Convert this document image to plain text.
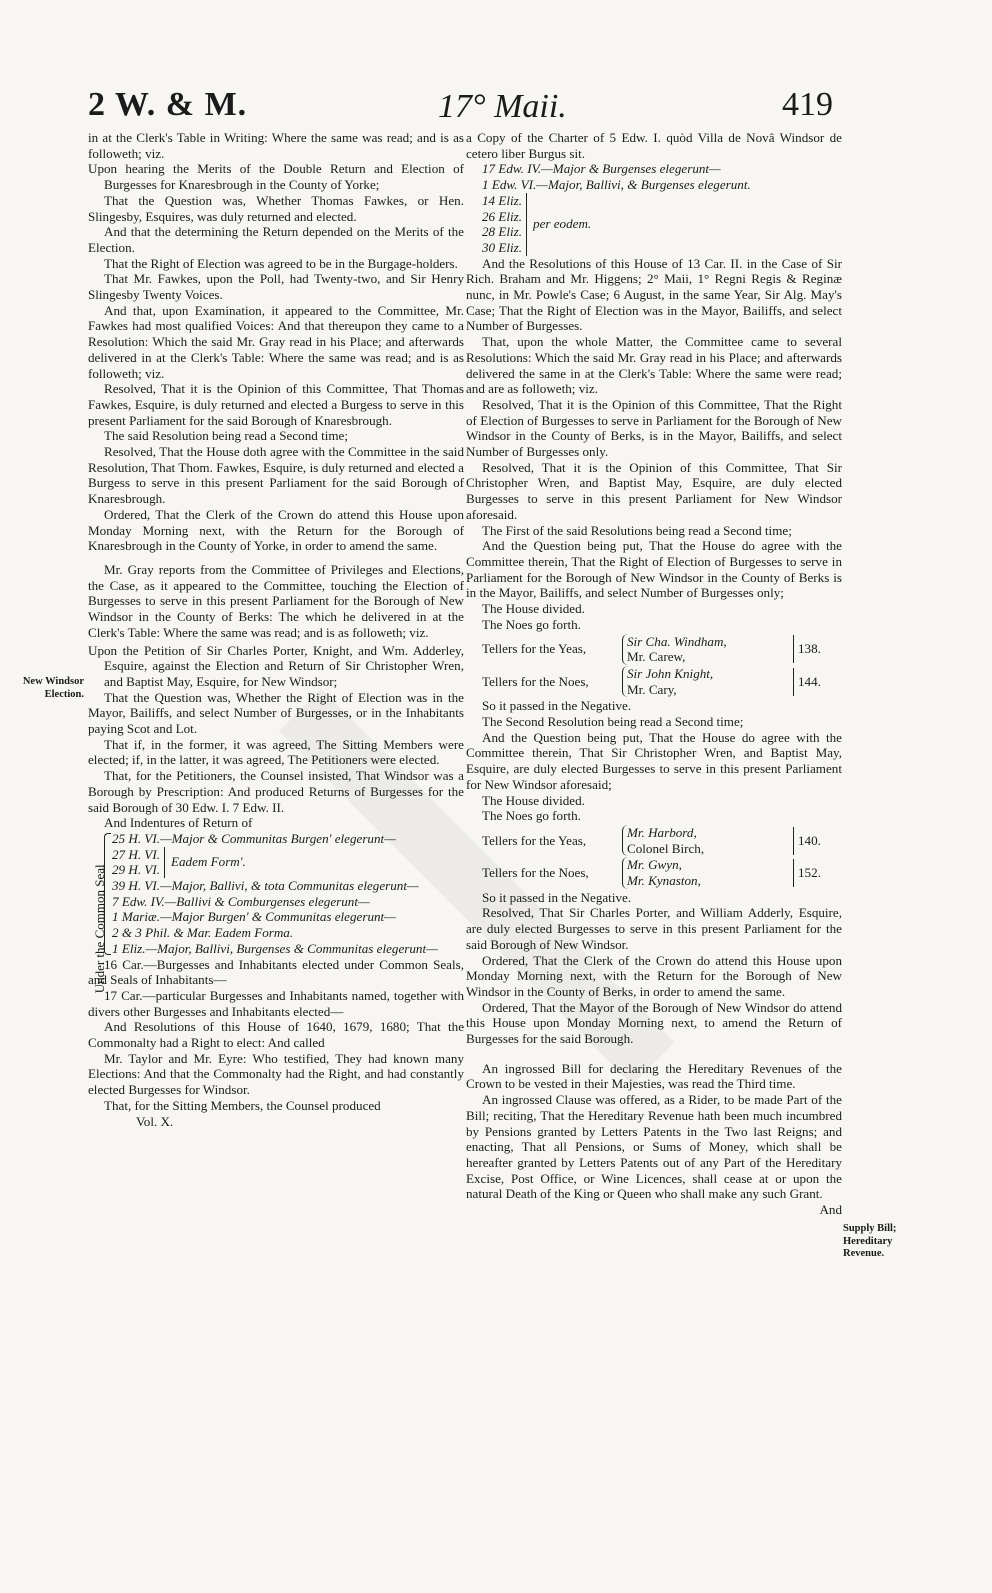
2 W. & M.	17° Maii.	419
New Windsor Election.
Supply Bill; Hereditary Revenue.

in at the Clerk's Table in Writing: Where the same was read; and is as followeth; viz.

Upon hearing the Merits of the Double Return and Election of Burgesses for Knaresbrough in the County of Yorke;

That the Question was, Whether Thomas Fawkes, or Hen. Slingesby, Esquires, was duly returned and elected.

And that the determining the Return depended on the Merits of the Election.

That the Right of Election was agreed to be in the Burgage-holders.

That Mr. Fawkes, upon the Poll, had Twenty-two, and Sir Henry Slingesby Twenty Voices.

And that, upon Examination, it appeared to the Committee, Mr. Fawkes had most qualified Voices: And that thereupon they came to a Resolution: Which the said Mr. Gray read in his Place; and afterwards delivered in at the Clerk's Table: Where the same was read; and is as followeth; viz.

Resolved, That it is the Opinion of this Committee, That Thomas Fawkes, Esquire, is duly returned and elected a Burgess to serve in this present Parliament for the said Borough of Knaresbrough.

The said Resolution being read a Second time;

Resolved, That the House doth agree with the Committee in the said Resolution, That Thom. Fawkes, Esquire, is duly returned and elected a Burgess to serve in this present Parliament for the said Borough of Knaresbrough.

Ordered, That the Clerk of the Crown do attend this House upon Monday Morning next, with the Return for the Borough of Knaresbrough in the County of Yorke, in order to amend the same.

Mr. Gray reports from the Committee of Privileges and Elections, the Case, as it appeared to the Committee, touching the Election of Burgesses to serve in this present Parliament for the Borough of New Windsor in the County of Berks: The which he delivered in at the Clerk's Table: Where the same was read; and is as followeth; viz.

Upon the Petition of Sir Charles Porter, Knight, and Wm. Adderley, Esquire, against the Election and Return of Sir Christopher Wren, and Baptist May, Esquire, for New Windsor;

That the Question was, Whether the Right of Election was in the Mayor, Bailiffs, and select Number of Burgesses, or in the Inhabitants paying Scot and Lot.

That if, in the former, it was agreed, The Sitting Members were elected; if, in the latter, it was agreed, The Petitioners were elected.

That, for the Petitioners, the Counsel insisted, That Windsor was a Borough by Prescription: And produced Returns of Burgesses for the said Borough of 30 Edw. I. 7 Edw. II.

And Indentures of Return of

Under the Common Seal

25 H. VI.—Major & Communitas Burgen' elegerunt—

27 H. VI.
29 H. VI.
Eadem Form'.

39 H. VI.—Major, Ballivi, & tota Communitas elegerunt—

7 Edw. IV.—Ballivi & Comburgenses elegerunt—

1 Mariæ.—Major Burgen' & Communitas elegerunt—

2 & 3 Phil. & Mar. Eadem Forma.

1 Eliz.—Major, Ballivi, Burgenses & Communitas elegerunt—

16 Car.—Burgesses and Inhabitants elected under Common Seals, and Seals of Inhabitants—

17 Car.—particular Burgesses and Inhabitants named, together with divers other Burgesses and Inhabitants elected—

And Resolutions of this House of 1640, 1679, 1680; That the Commonalty had a Right to elect: And called

Mr. Taylor and Mr. Eyre: Who testified, They had known many Elections: And that the Commonalty had the Right, and had constantly elected Burgesses for Windsor.

That, for the Sitting Members, the Counsel produced

Vol. X.

a Copy of the Charter of 5 Edw. I. quòd Villa de Novâ Windsor de cetero liber Burgus sit.

17 Edw. IV.—Major & Burgenses elegerunt—

1 Edw. VI.—Major, Ballivi, & Burgenses elegerunt.

14 Eliz.
26 Eliz.
28 Eliz.
30 Eliz.
per eodem.

And the Resolutions of this House of 13 Car. II. in the Case of Sir Rich. Braham and Mr. Higgens; 2° Maii, 1° Regni Regis & Reginæ nunc, in Mr. Powle's Case; 6 August, in the same Year, Sir Alg. May's Case; That the Right of Election was in the Mayor, Bailiffs, and select Number of Burgesses.

That, upon the whole Matter, the Committee came to several Resolutions: Which the said Mr. Gray read in his Place; and afterwards delivered the same in at the Clerk's Table: Where the same were read; and are as followeth; viz.

Resolved, That it is the Opinion of this Committee, That the Right of Election of Burgesses to serve in Parliament for the Borough of New Windsor in the County of Berks, is in the Mayor, Bailiffs, and select Number of Burgesses only.

Resolved, That it is the Opinion of this Committee, That Sir Christopher Wren, and Baptist May, Esquire, are duly elected Burgesses to serve in this present Parliament for New Windsor aforesaid.

The First of the said Resolutions being read a Second time;

And the Question being put, That the House do agree with the Committee therein, That the Right of Election of Burgesses to serve in Parliament for the Borough of New Windsor in the County of Berks is in the Mayor, Bailiffs, and select Number of Burgesses only;

The House divided.

The Noes go forth.

Tellers for the Yeas,
Sir Cha. Windham,
Mr. Carew,
138.
Tellers for the Noes,
Sir John Knight,
Mr. Cary,
144.

So it passed in the Negative.

The Second Resolution being read a Second time;

And the Question being put, That the House do agree with the Committee therein, That Sir Christopher Wren, and Baptist May, Esquire, are duly elected Burgesses to serve in this present Parliament for New Windsor aforesaid;

The House divided.

The Noes go forth.

Tellers for the Yeas,
Mr. Harbord,
Colonel Birch,
140.
Tellers for the Noes,
Mr. Gwyn,
Mr. Kynaston,
152.

So it passed in the Negative.

Resolved, That Sir Charles Porter, and William Adderly, Esquire, are duly elected Burgesses to serve in this present Parliament for the said Borough of New Windsor.

Ordered, That the Clerk of the Crown do attend this House upon Monday Morning next, with the Return for the Borough of New Windsor in the County of Berks, in order to amend the same.

Ordered, That the Mayor of the Borough of New Windsor do attend this House upon Monday Morning next, to amend the Return of Burgesses for the said Borough.

An ingrossed Bill for declaring the Hereditary Revenues of the Crown to be vested in their Majesties, was read the Third time.

An ingrossed Clause was offered, as a Rider, to be made Part of the Bill; reciting, That the Hereditary Revenue hath been much incumbred by Pensions granted by Letters Patents in the Two last Reigns; and enacting, That all Pensions, or Sums of Money, which shall be hereafter granted by Letters Patents out of any Part of the Hereditary Excise, Post Office, or Wine Licences, shall cease at or upon the natural Death of the King or Queen who shall make any such Grant.

And
